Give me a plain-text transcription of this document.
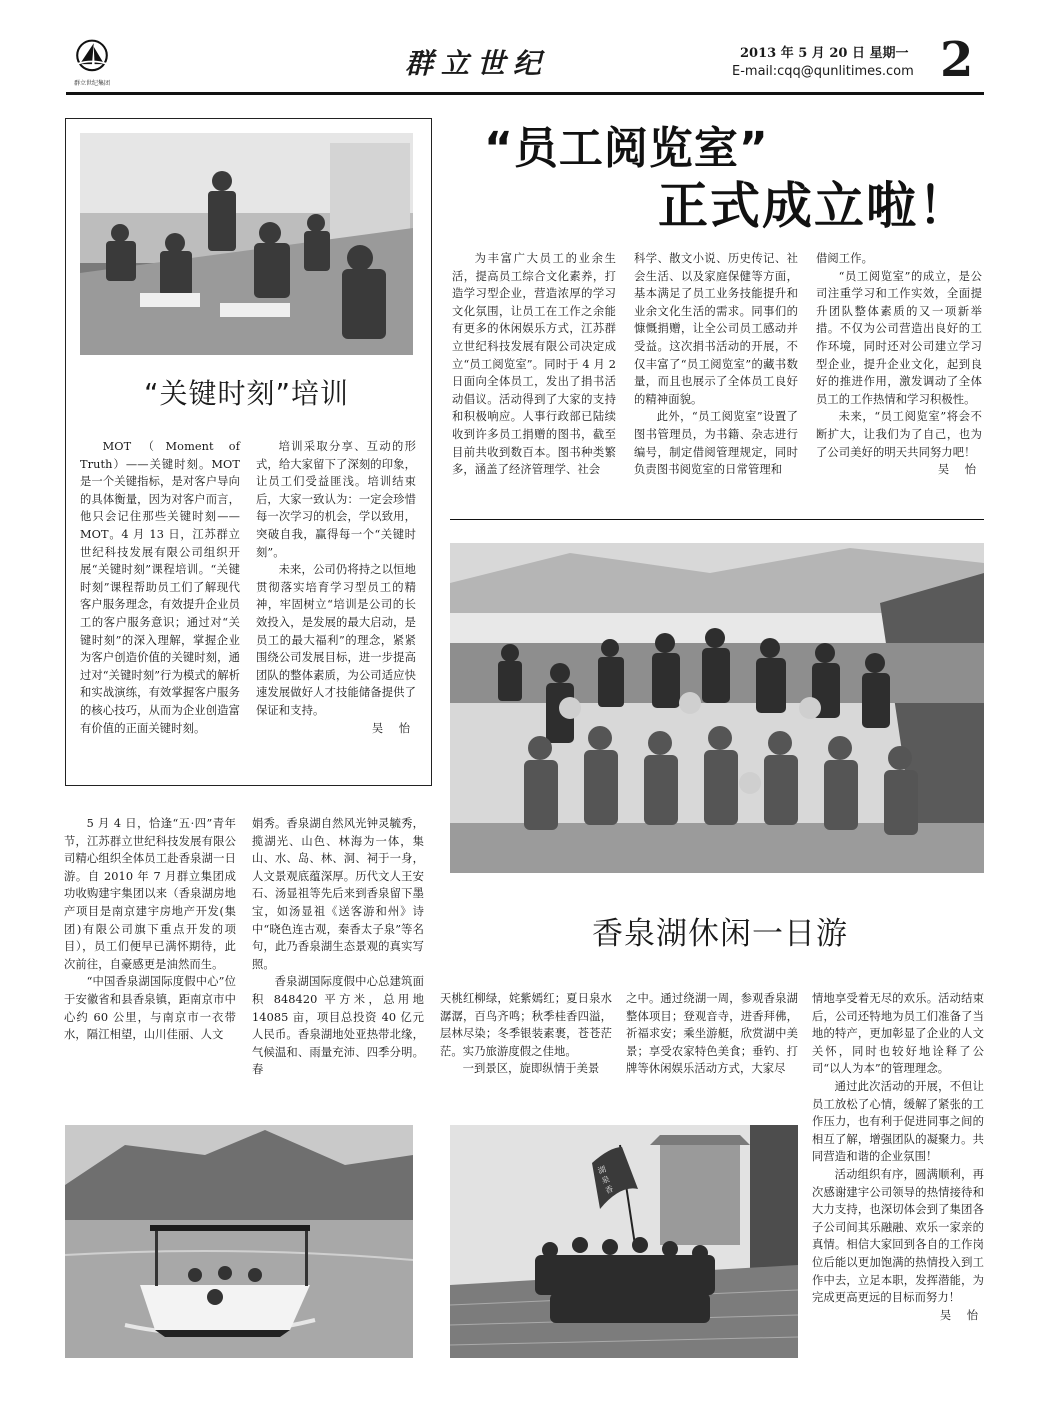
群立世纪集团
群立世纪	2013 年 5 月 20 日 星期一
E-mail:cqq@qunlitimes.com 2
“关键时刻”培训

MOT（Moment of Truth）——关键时刻。MOT 是一个关键指标，是对客户导向的具体衡量，因为对客户而言，他只会记住那些关键时刻——MOT。4 月 13 日，江苏群立世纪科技发展有限公司组织开展“关键时刻”课程培训。“关键时刻”课程帮助员工们了解现代客户服务理念，有效提升企业员工的客户服务意识；通过对“关键时刻”的深入理解，掌握企业为客户创造价值的关键时刻，通过对“关键时刻”行为模式的解析和实战演练，有效掌握客户服务的核心技巧，从而为企业创造富有价值的正面关键时刻。

培训采取分享、互动的形式，给大家留下了深刻的印象，让员工们受益匪浅。培训结束后，大家一致认为：一定会珍惜每一次学习的机会，学以致用，突破自我，赢得每一个“关键时刻”。

未来，公司仍将持之以恒地贯彻落实培育学习型员工的精神，牢固树立“培训是公司的长效投入，是发展的最大启动，是员工的最大福利”的理念，紧紧围绕公司发展目标，进一步提高团队的整体素质，为公司适应快速发展做好人才技能储备提供了保证和支持。

吴 怡
“员工阅览室”
正式成立啦！

为丰富广大员工的业余生活，提高员工综合文化素养，打造学习型企业，营造浓厚的学习文化氛围，让员工在工作之余能有更多的休闲娱乐方式，江苏群立世纪科技发展有限公司决定成立“员工阅览室”。同时于 4 月 2 日面向全体员工，发出了捐书活动倡议。活动得到了大家的支持和积极响应。人事行政部已陆续收到许多员工捐赠的图书，截至目前共收到数百本。图书种类繁多，涵盖了经济管理学、社会

科学、散文小说、历史传记、社会生活、以及家庭保健等方面，基本满足了员工业务技能提升和业余文化生活的需求。同事们的慷慨捐赠，让全公司员工感动并受益。这次捐书活动的开展，不仅丰富了“员工阅览室”的藏书数量，而且也展示了全体员工良好的精神面貌。

此外，“员工阅览室”设置了图书管理员，为书籍、杂志进行编号，制定借阅管理规定，同时负责图书阅览室的日常管理和

借阅工作。

“员工阅览室”的成立，是公司注重学习和工作实效，全面提升团队整体素质的又一项新举措。不仅为公司营造出良好的工作环境，同时还对公司建立学习型企业，提升企业文化，起到良好的推进作用，激发调动了全体员工的工作热情和学习积极性。

未来，“员工阅览室”将会不断扩大，让我们为了自己，也为了公司美好的明天共同努力吧！

吴 怡
香泉湖休闲一日游

5 月 4 日，恰逢“五·四”青年节，江苏群立世纪科技发展有限公司精心组织全体员工赴香泉湖一日游。自 2010 年 7 月群立集团成功收购建宇集团以来（香泉湖房地产项目是南京建宇房地产开发(集团)有限公司旗下重点开发的项目），员工们便早已满怀期待，此次前往，自豪感更是油然而生。

“中国香泉湖国际度假中心”位于安徽省和县香泉镇，距南京市中心约 60 公里，与南京市一衣带水，隔江相望，山川佳丽、人文

娟秀。香泉湖自然风光钟灵毓秀，揽湖光、山色、林海为一体，集山、水、岛、林、洞、祠于一身，人文景观底蕴深厚。历代文人王安石、汤显祖等先后来到香泉留下墨宝，如汤显祖《送客游和州》诗中“晓色连古观，秦香太子泉”等名句，此乃香泉湖生态景观的真实写照。

香泉湖国际度假中心总建筑面积 848420 平方米，总用地 14085 亩，项目总投资 40 亿元人民币。香泉湖地处亚热带北缘，气候温和、雨量充沛、四季分明。春

天桃红柳绿，姹紫嫣红；夏日泉水潺潺，百鸟齐鸣；秋季桂香四溢，层林尽染；冬季银装素裹，苍苍茫茫。实乃旅游度假之佳地。

一到景区，旋即纵情于美景

之中。通过绕湖一周，参观香泉湖整体项目；登观音寺，进香拜佛，祈福求安；乘坐游艇，欣赏湖中美景；享受农家特色美食；垂钓、打牌等休闲娱乐活动方式，大家尽

情地享受着无尽的欢乐。活动结束后，公司还特地为员工们准备了当地的特产，更加彰显了企业的人文关怀，同时也较好地诠释了公司“以人为本”的管理理念。

通过此次活动的开展，不但让员工放松了心情，缓解了紧张的工作压力，也有利于促进同事之间的相互了解，增强团队的凝聚力。共同营造和谐的企业氛围！

活动组织有序，圆满顺利，再次感谢建宇公司领导的热情接待和大力支持，也深切体会到了集团各子公司间其乐融融、欢乐一家亲的真情。相信大家回到各自的工作岗位后能以更加饱满的热情投入到工作中去，立足本职，发挥潜能，为完成更高更远的目标而努力！

吴 怡
湖 泉 香
